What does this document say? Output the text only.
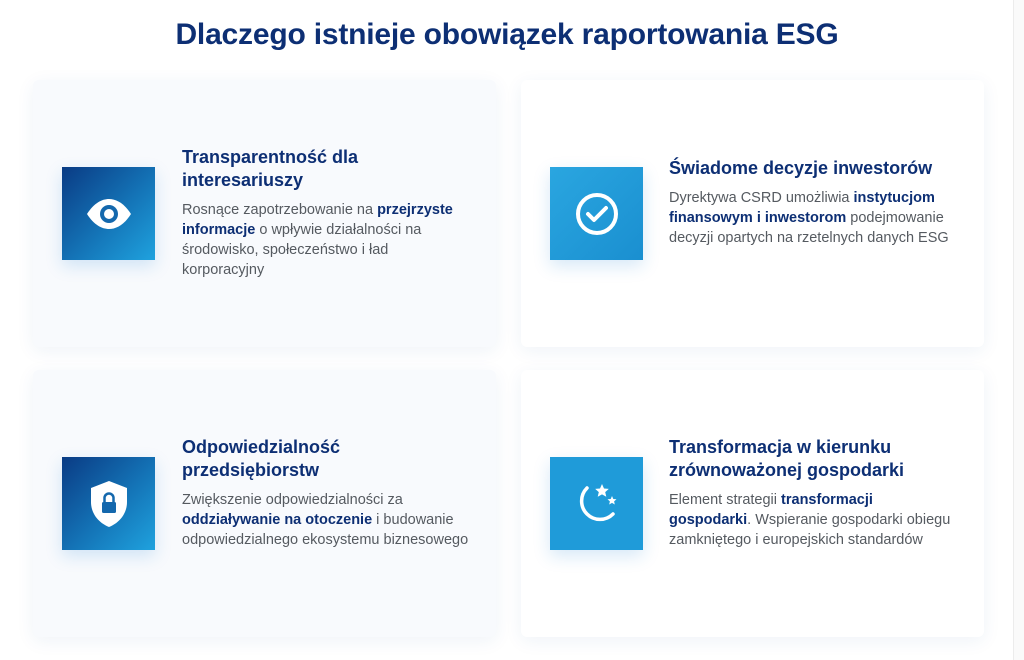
Dlaczego istnieje obowiązek raportowania ESG
Transparentność dla interesariuszy
Rosnące zapotrzebowanie na przejrzyste informacje o wpływie działalności na środowisko, społeczeństwo i ład korporacyjny
Świadome decyzje inwestorów
Dyrektywa CSRD umożliwia instytucjom finansowym i inwestorom podejmowanie decyzji opartych na rzetelnych danych ESG
Odpowiedzialność przedsiębiorstw
Zwiększenie odpowiedzialności za oddziaływanie na otoczenie i budowanie odpowiedzialnego ekosystemu biznesowego
Transformacja w kierunku zrównoważonej gospodarki
Element strategii transformacji gospodarki. Wspieranie gospodarki obiegu zamkniętego i europejskich standardów
